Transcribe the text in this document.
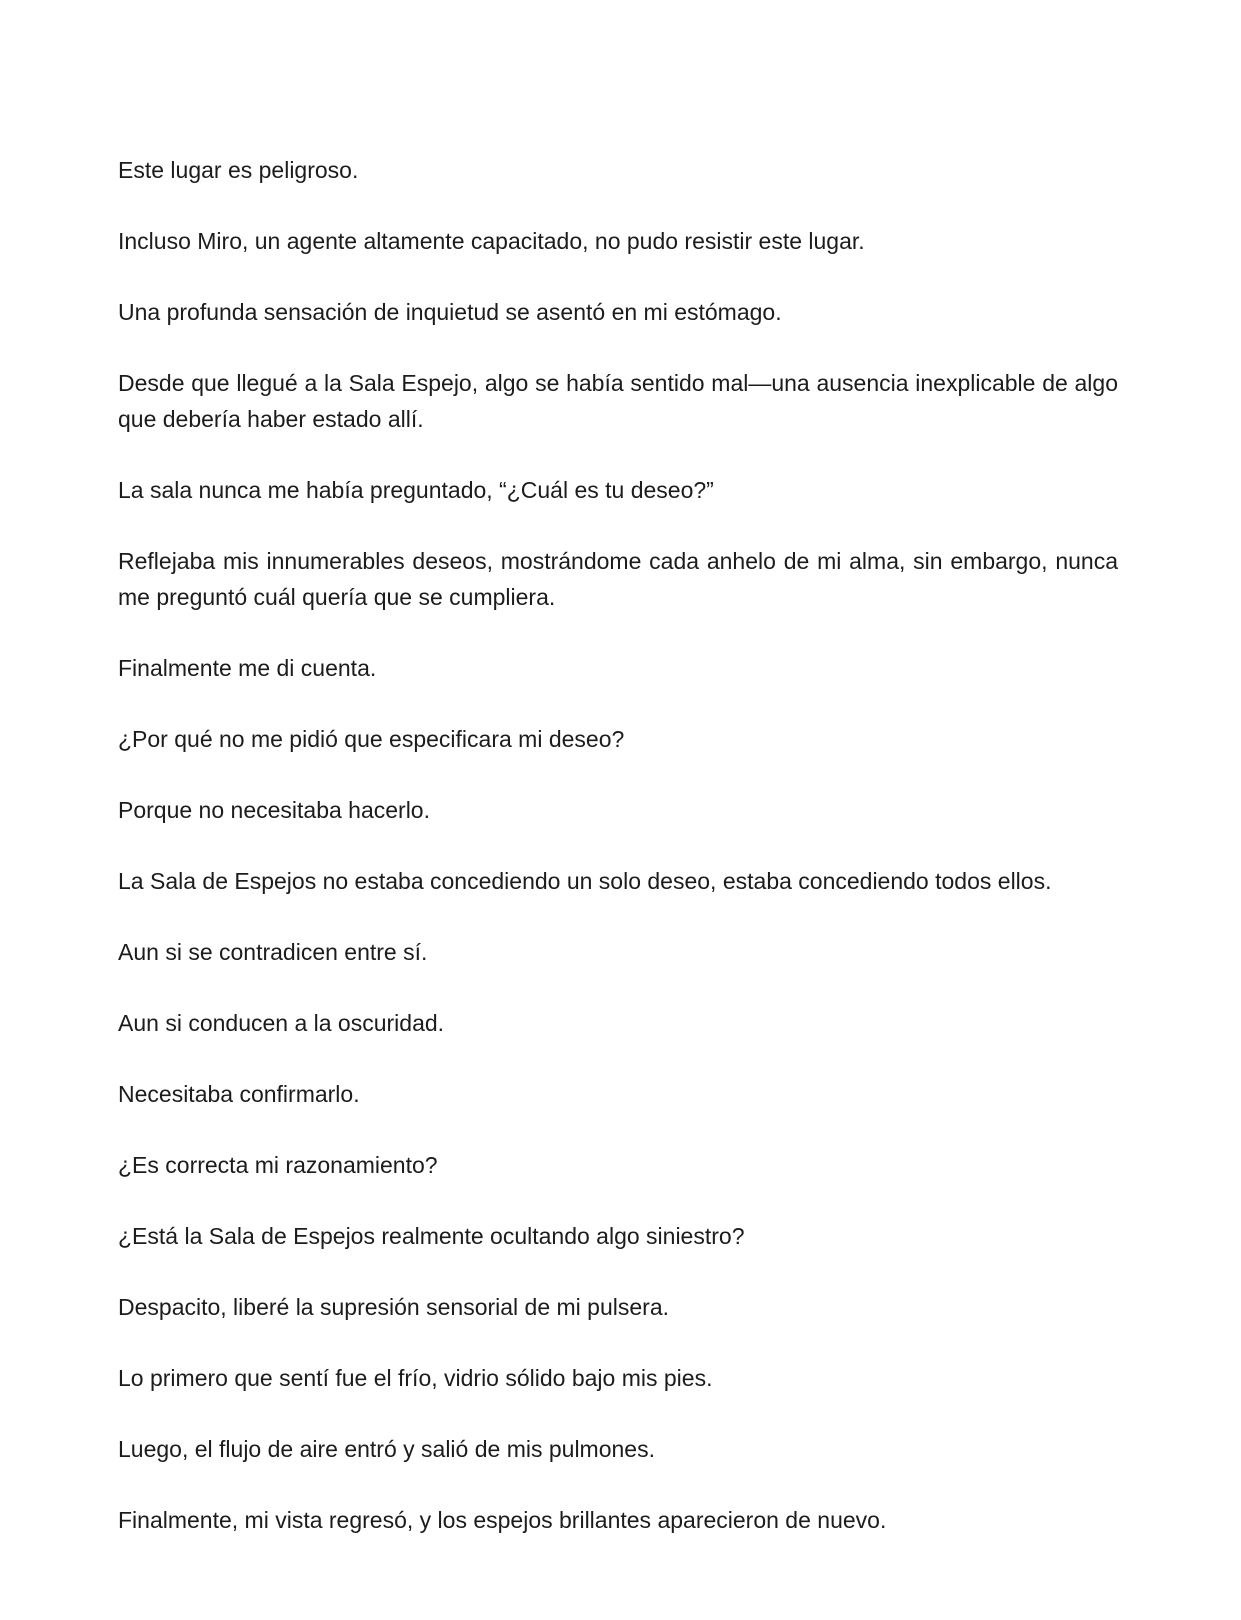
Este lugar es peligroso.

Incluso Miro, un agente altamente capacitado, no pudo resistir este lugar.

Una profunda sensación de inquietud se asentó en mi estómago.

Desde que llegué a la Sala Espejo, algo se había sentido mal—una ausencia inexplicable de algo que debería haber estado allí.

La sala nunca me había preguntado, “¿Cuál es tu deseo?”

Reflejaba mis innumerables deseos, mostrándome cada anhelo de mi alma, sin embargo, nunca me preguntó cuál quería que se cumpliera.

Finalmente me di cuenta.

¿Por qué no me pidió que especificara mi deseo?

Porque no necesitaba hacerlo.

La Sala de Espejos no estaba concediendo un solo deseo, estaba concediendo todos ellos.

Aun si se contradicen entre sí.

Aun si conducen a la oscuridad.

Necesitaba confirmarlo.

¿Es correcta mi razonamiento?

¿Está la Sala de Espejos realmente ocultando algo siniestro?

Despacito, liberé la supresión sensorial de mi pulsera.

Lo primero que sentí fue el frío, vidrio sólido bajo mis pies.

Luego, el flujo de aire entró y salió de mis pulmones.

Finalmente, mi vista regresó, y los espejos brillantes aparecieron de nuevo.
